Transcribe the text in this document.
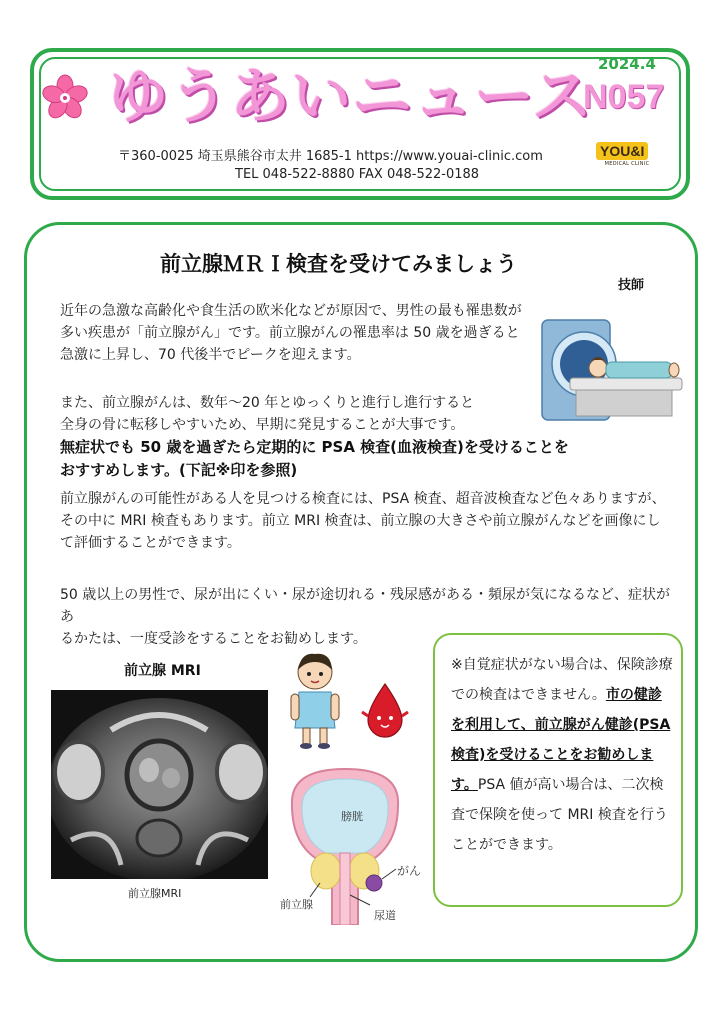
ゆうあいニュース 2024.4
N057
〒360-0025 埼玉県熊谷市太井 1685-1 https://www.youai-clinic.com
TEL 048-522-8880 FAX 048-522-0188
YOU&I
MEDICAL CLINIC
前立腺ＭＲＩ検査を受けてみましょう
技師

近年の急激な高齢化や食生活の欧米化などが原因で、男性の最も罹患数が
多い疾患が「前立腺がん」です。前立腺がんの罹患率は 50 歳を過ぎると
急激に上昇し、70 代後半でピークを迎えます。

また、前立腺がんは、数年～20 年とゆっくりと進行し進行すると
全身の骨に転移しやすいため、早期に発見することが大事です。
無症状でも 50 歳を過ぎたら定期的に PSA 検査(血液検査)を受けることを
おすすめします。(下記※印を参照)

前立腺がんの可能性がある人を見つける検査には、PSA 検査、超音波検査など色々ありますが、
その中に MRI 検査もあります。前立 MRI 検査は、前立腺の大きさや前立腺がんなどを画像にし
て評価することができます。

50 歳以上の男性で、尿が出にくい・尿が途切れる・残尿感がある・頻尿が気になるなど、症状があ
るかたは、一度受診をすることをお勧めします。

前立腺 MRI
前立腺MRI
膀胱
がん
前立腺
尿道

※自覚症状がない場合は、保険診療での検査はできません。市の健診を利用して、前立腺がん健診(PSA 検査)を受けることをお勧めします。PSA 値が高い場合は、二次検査で保険を使って MRI 検査を行うことができます。
